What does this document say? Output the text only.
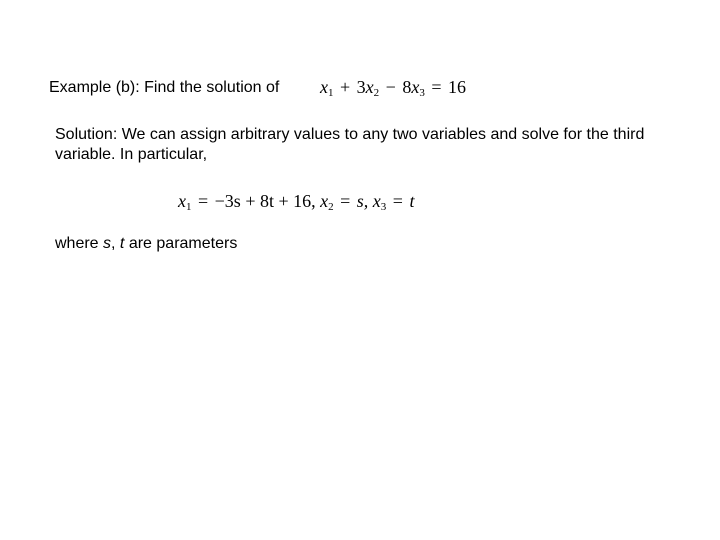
Example (b): Find the solution of $x_1 + 3x_2 - 8x_3 = 16$
Solution: We can assign arbitrary values to any two variables and solve for the third variable. In particular,
$x_1 = -3s + 8t + 16$, $x_2 = s$, $x_3 = t$
where s, t are parameters
